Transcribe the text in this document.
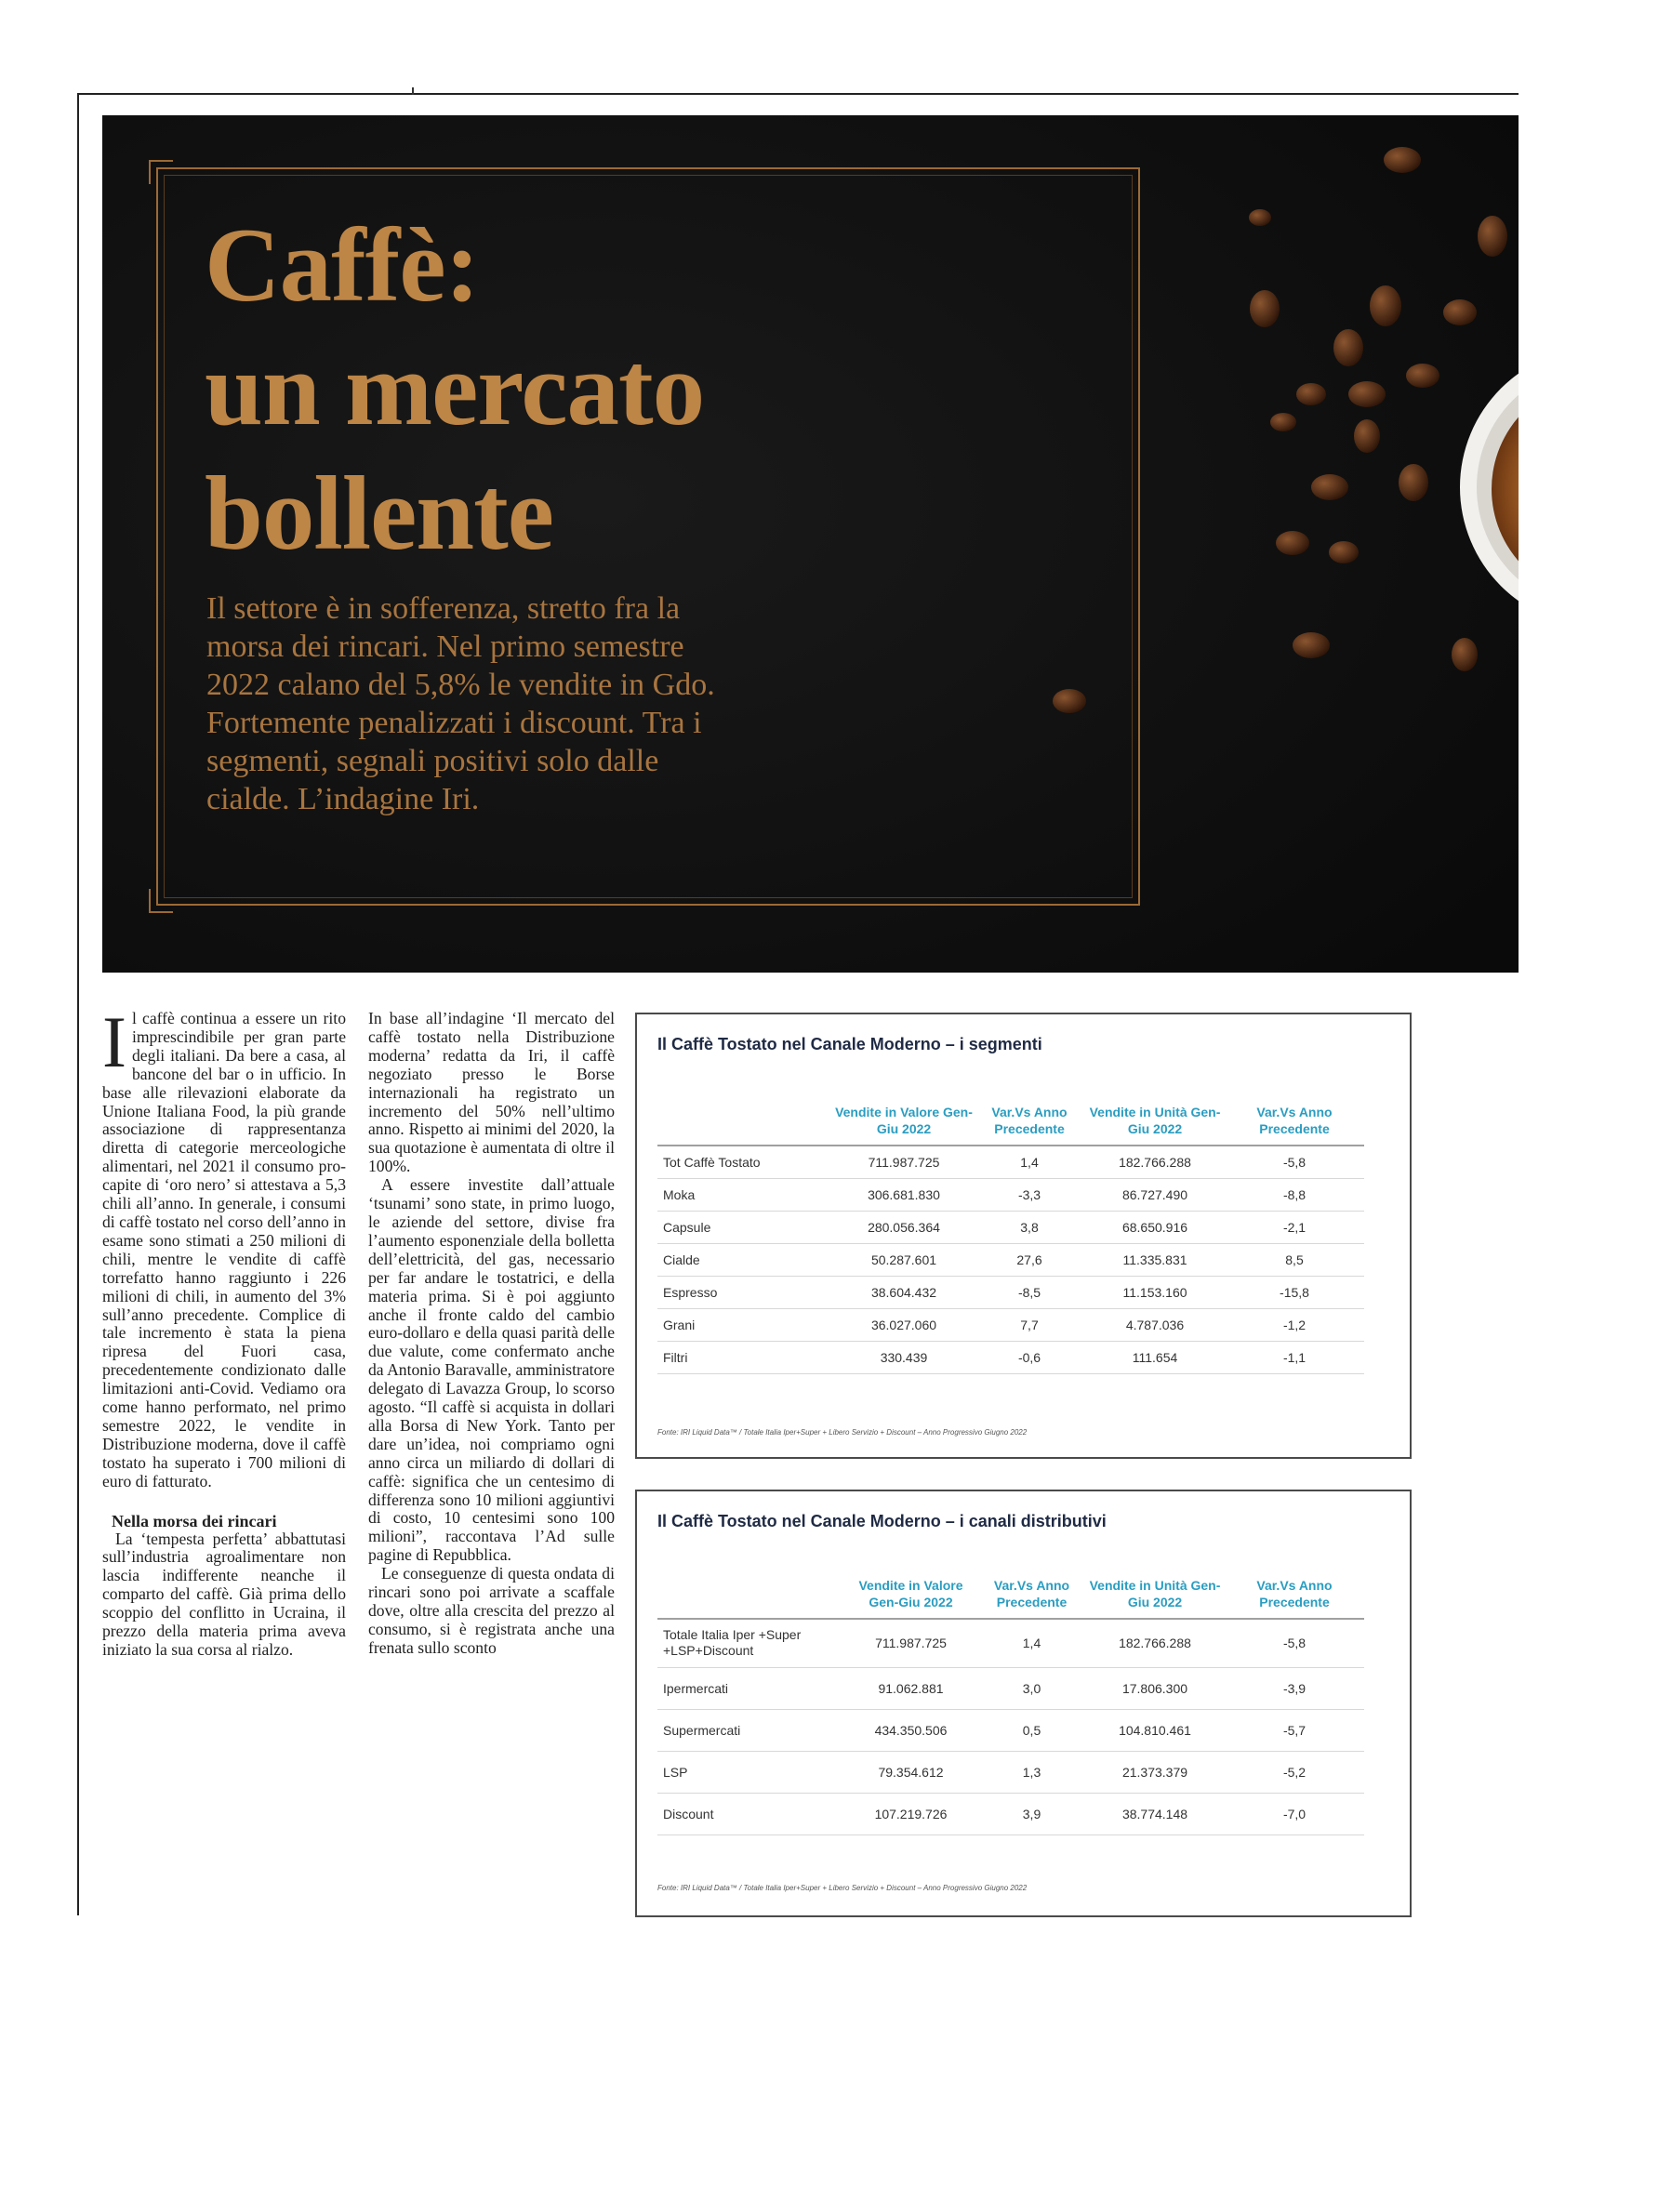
Caffè:
un mercato
bollente

Il settore è in sofferenza, stretto fra la morsa dei rincari. Nel primo semestre 2022 calano del 5,8% le vendite in Gdo. Fortemente penalizzati i discount. Tra i segmenti, segnali positivi solo dalle cialde. L’indagine Iri.

I l caffè continua a essere un rito imprescindibile per gran parte degli italiani. Da bere a casa, al bancone del bar o in ufficio. In base alle rilevazioni elaborate da Unione Italiana Food, la più grande associazione di rappresentanza diretta di categorie merceologiche alimentari, nel 2021 il consumo pro-capite di ‘oro nero’ si attestava a 5,3 chili all’anno. In generale, i consumi di caffè tostato nel corso dell’anno in esame sono stimati a 250 milioni di chili, mentre le vendite di caffè torrefatto hanno raggiunto i 226 milioni di chili, in aumento del 3% sull’anno precedente. Complice di tale incremento è stata la piena ripresa del Fuori casa, precedentemente condizionato dalle limitazioni anti-Covid. Vediamo ora come hanno performato, nel primo semestre 2022, le vendite in Distribuzione moderna, dove il caffè tostato ha superato i 700 milioni di euro di fatturato.

Nella morsa dei rincari

La ‘tempesta perfetta’ abbattutasi sull’industria agroalimentare non lascia indifferente neanche il comparto del caffè. Già prima dello scoppio del conflitto in Ucraina, il prezzo della materia prima aveva iniziato la sua corsa al rialzo.

In base all’indagine ‘Il mercato del caffè tostato nella Distribuzione moderna’ redatta da Iri, il caffè negoziato presso le Borse internazionali ha registrato un incremento del 50% nell’ultimo anno. Rispetto ai minimi del 2020, la sua quotazione è aumentata di oltre il 100%.

A essere investite dall’attuale ‘tsunami’ sono state, in primo luogo, le aziende del settore, divise fra l’aumento esponenziale della bolletta dell’elettricità, del gas, necessario per far andare le tostatrici, e della materia prima. Si è poi aggiunto anche il fronte caldo del cambio euro-dollaro e della quasi parità delle due valute, come confermato anche da Antonio Baravalle, amministratore delegato di Lavazza Group, lo scorso agosto. “Il caffè si acquista in dollari alla Borsa di New York. Tanto per dare un’idea, noi compriamo ogni anno circa un miliardo di dollari di caffè: significa che un centesimo di differenza sono 10 milioni aggiuntivi di costo, 10 centesimi sono 100 milioni”, raccontava l’Ad sulle pagine di Repubblica.

Le conseguenze di questa ondata di rincari sono poi arrivate a scaffale dove, oltre alla crescita del prezzo al consumo, si è registrata anche una frenata sullo sconto

Il Caffè Tostato nel Canale Moderno – i segmenti
	Vendite in Valore Gen-Giu 2022	Var.Vs Anno Precedente	Vendite in Unità Gen-Giu 2022	Var.Vs Anno Precedente
Tot Caffè Tostato	711.987.725	1,4	182.766.288	-5,8
Moka	306.681.830	-3,3	86.727.490	-8,8
Capsule	280.056.364	3,8	68.650.916	-2,1
Cialde	50.287.601	27,6	11.335.831	8,5
Espresso	38.604.432	-8,5	11.153.160	-15,8
Grani	36.027.060	7,7	4.787.036	-1,2
Filtri	330.439	-0,6	111.654	-1,1
Fonte: IRI Liquid Data™ / Totale Italia Iper+Super + Libero Servizio + Discount – Anno Progressivo Giugno 2022
Il Caffè Tostato nel Canale Moderno – i canali distributivi
	Vendite in Valore Gen-Giu 2022	Var.Vs Anno Precedente	Vendite in Unità Gen-Giu 2022	Var.Vs Anno Precedente
Totale Italia Iper +Super +LSP+Discount	711.987.725	1,4	182.766.288	-5,8
Ipermercati	91.062.881	3,0	17.806.300	-3,9
Supermercati	434.350.506	0,5	104.810.461	-5,7
LSP	79.354.612	1,3	21.373.379	-5,2
Discount	107.219.726	3,9	38.774.148	-7,0
Fonte: IRI Liquid Data™ / Totale Italia Iper+Super + Libero Servizio + Discount – Anno Progressivo Giugno 2022
